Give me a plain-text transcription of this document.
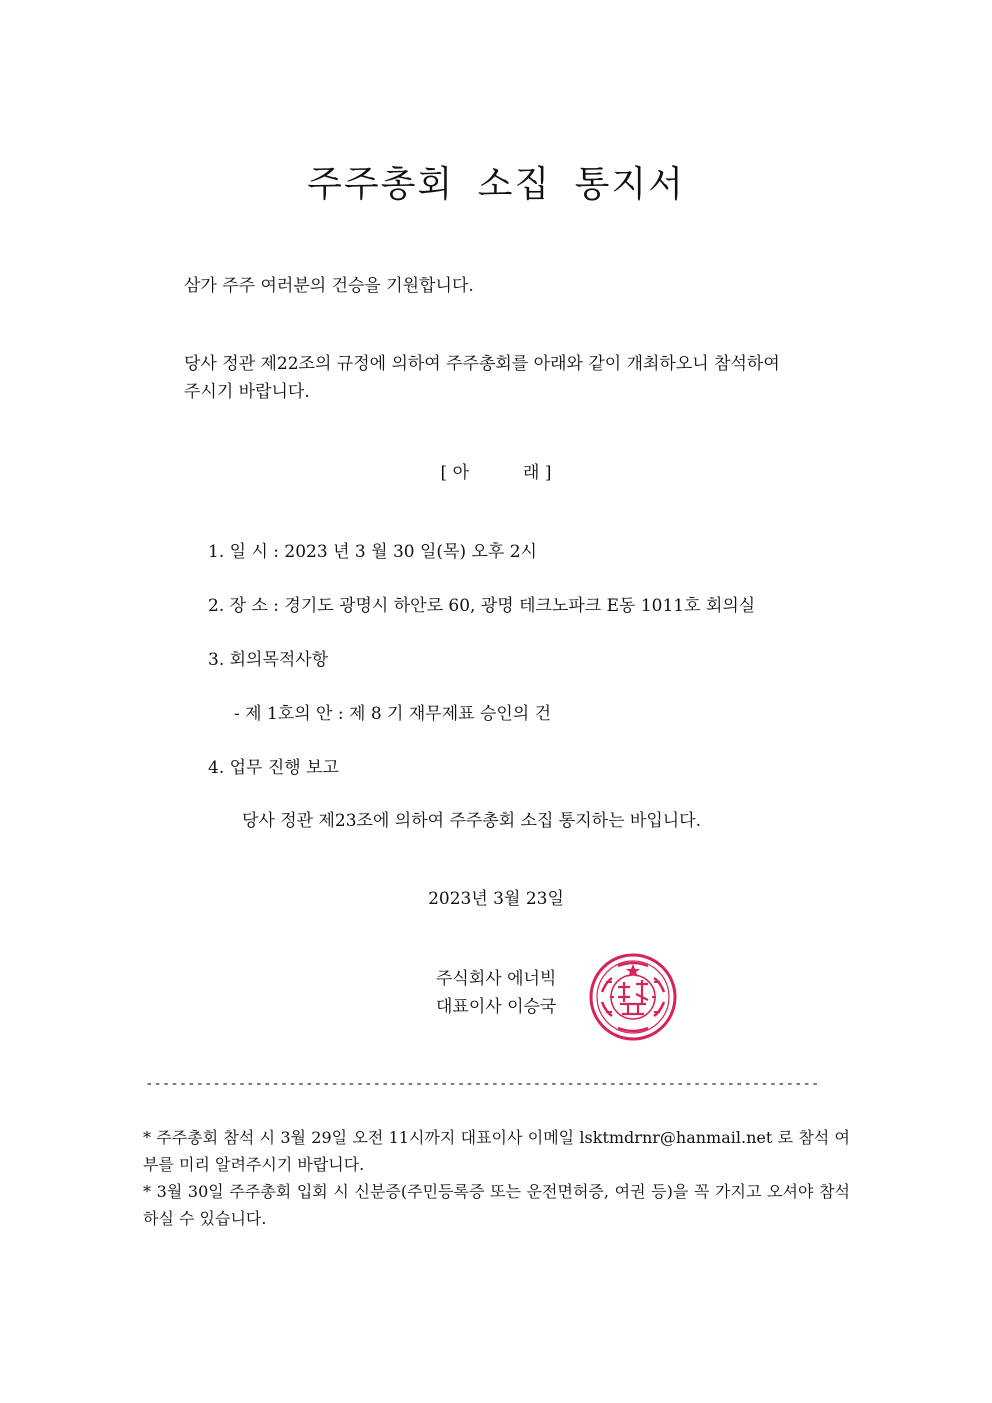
주주총회 소집 통지서
삼가 주주 여러분의 건승을 기원합니다.
당사 정관 제22조의 규정에 의하여 주주총회를 아래와 같이 개최하오니 참석하여
주시기 바랍니다.
[ 아	래 ]
1. 일 시 : 2023 년 3 월 30 일(목) 오후 2시
2. 장 소 : 경기도 광명시 하안로 60, 광명 테크노파크 E동 1011호 회의실
3. 회의목적사항
- 제 1호의 안 : 제 8 기 재무제표 승인의 건
4. 업무 진행 보고
당사 정관 제23조에 의하여 주주총회 소집 통지하는 바입니다.
2023년 3월 23일
주식회사 에너빅
대표이사 이승국
--------------------------------------------------------------------------------
* 주주총회 참석 시 3월 29일 오전 11시까지 대표이사 이메일 lsktmdrnr@hanmail.net 로 참석 여부를 미리 알려주시기 바랍니다.
* 3월 30일 주주총회 입회 시 신분증(주민등록증 또는 운전면허증, 여권 등)을 꼭 가지고 오셔야 참석하실 수 있습니다.
